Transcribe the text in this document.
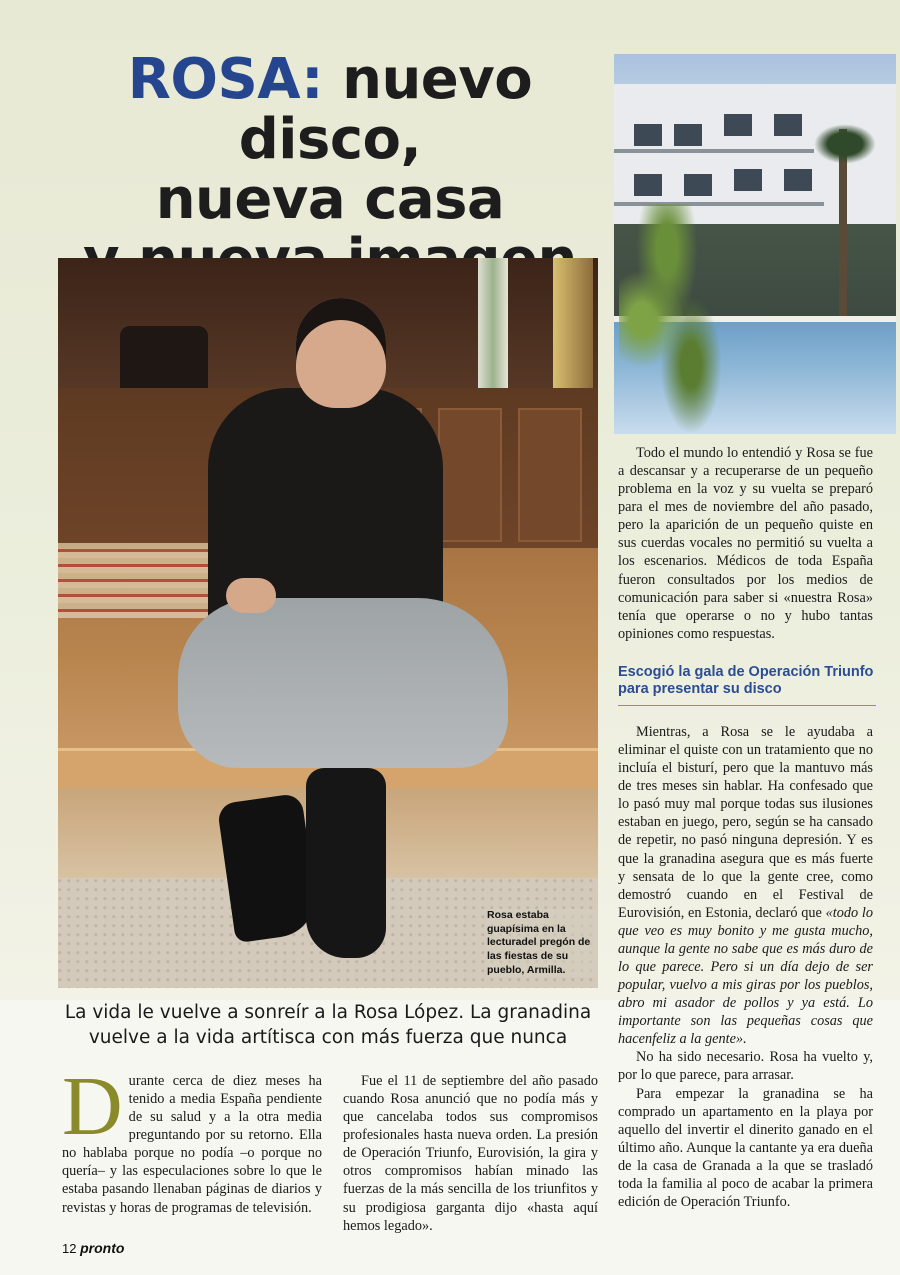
ROSA: nuevo disco,
nueva casa
Rosa estaba guapísima en la lecturadel pregón de las fiestas de su pueblo, Armilla.
La vida le vuelve a sonreír a la Rosa López. La granadina vuelve a la vida artítisca con más fuerza que nunca

Durante cerca de diez meses ha tenido a media España pendiente de su salud y a la otra media preguntando por su retorno. Ella no hablaba porque no podía –o porque no quería– y las especulaciones sobre lo que le estaba pasando llenaban páginas de diarios y revistas y horas de programas de televisión.

Fue el 11 de septiembre del año pasado cuando Rosa anunció que no podía más y que cancelaba todos sus compromisos profesionales hasta nueva orden. La presión de Operación Triunfo, Eurovisión, la gira y otros compromisos habían minado las fuerzas de la más sencilla de los triunfitos y su prodigiosa garganta dijo «hasta aquí hemos legado».

Todo el mundo lo entendió y Rosa se fue a descansar y a recuperarse de un pequeño problema en la voz y su vuelta se preparó para el mes de noviembre del año pasado, pero la aparición de un pequeño quiste en sus cuerdas vocales no permitió su vuelta a los escenarios. Médicos de toda España fueron consultados por los medios de comunicación para saber si «nuestra Rosa» tenía que operarse o no y hubo tantas opiniones como respuestas.

Escogió la gala de Operación Triunfo para presentar su disco

Mientras, a Rosa se le ayudaba a eliminar el quiste con un tratamiento que no incluía el bisturí, pero que la mantuvo más de tres meses sin hablar. Ha confesado que lo pasó muy mal porque todas sus ilusiones estaban en juego, pero, según se ha cansado de repetir, no pasó ninguna depresión. Y es que la granadina asegura que es más fuerte y sensata de lo que la gente cree, como demostró cuando en el Festival de Eurovisión, en Estonia, declaró que «todo lo que veo es muy bonito y me gusta mucho, aunque la gente no sabe que es más duro de lo que parece. Pero si un día dejo de ser popular, vuelvo a mis giras por los pueblos, abro mi asador de pollos y ya está. Lo importante son las pequeñas cosas que hacenfeliz a la gente».

No ha sido necesario. Rosa ha vuelto y, por lo que parece, para arrasar.

Para empezar la granadina se ha comprado un apartamento en la playa por aquello del invertir el dinerito ganado en el último año. Aunque la cantante ya era dueña de la casa de Granada a la que se trasladó toda la familia al poco de acabar la primera edición de Operación Triunfo.

12 pronto
